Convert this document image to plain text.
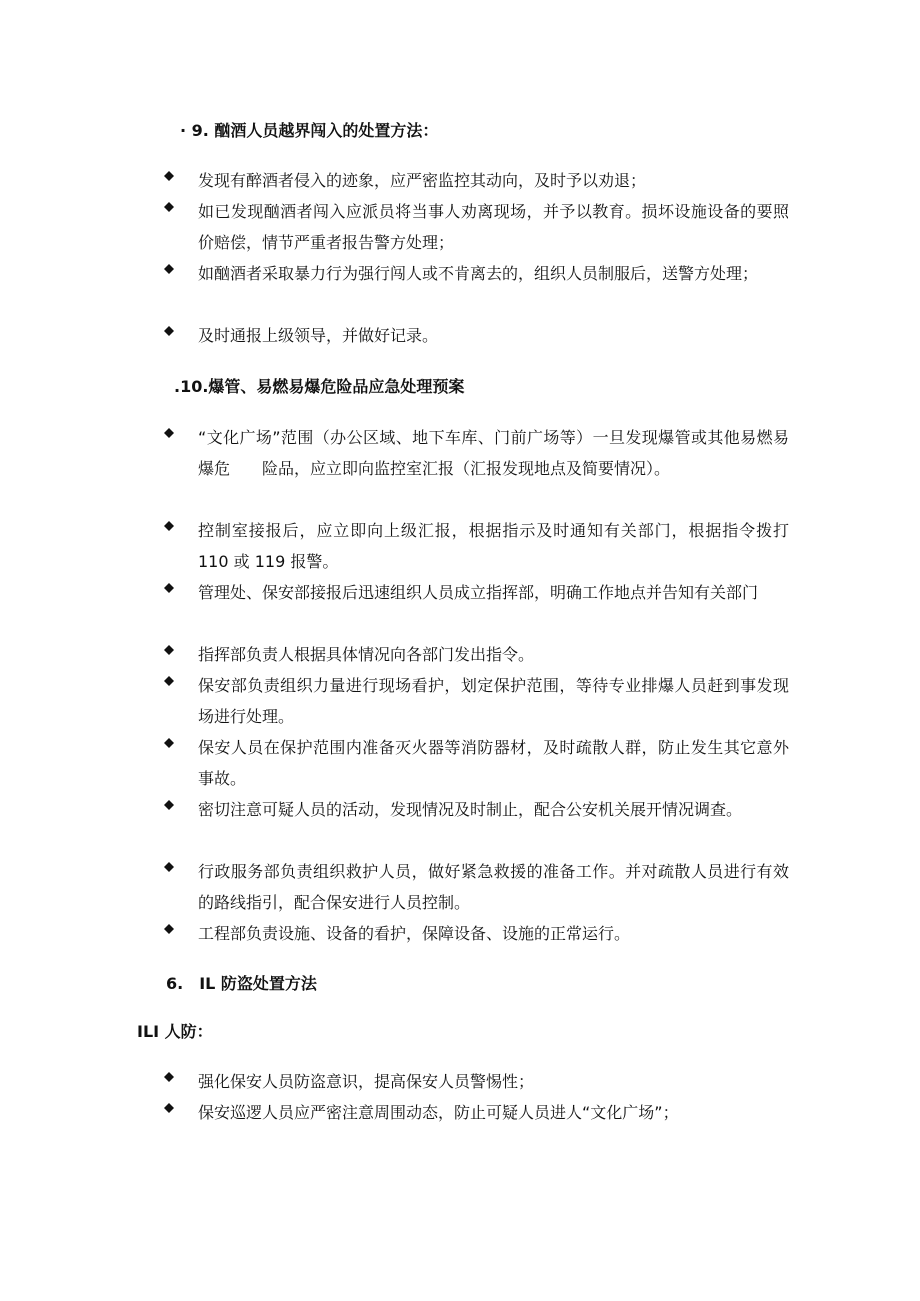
· 9. 酗酒人员越界闯入的处置方法：
发现有醉酒者侵入的迹象，应严密监控其动向，及时予以劝退；
如已发现酗酒者闯入应派员将当事人劝离现场，并予以教育。损坏设施设备的要照价赔偿，情节严重者报告警方处理；
如酗酒者采取暴力行为强行闯人或不肯离去的，组织人员制服后，送警方处理；
及时通报上级领导，并做好记录。
.10.爆管、易燃易爆危险品应急处理预案
“文化广场”范围（办公区域、地下车库、门前广场等）一旦发现爆管或其他易燃易爆危　　险品，应立即向监控室汇报（汇报发现地点及简要情况）。
控制室接报后，应立即向上级汇报，根据指示及时通知有关部门，根据指令拨打 110 或 119 报警。
管理处、保安部接报后迅速组织人员成立指挥部，明确工作地点并告知有关部门
指挥部负责人根据具体情况向各部门发出指令。
保安部负责组织力量进行现场看护，划定保护范围，等待专业排爆人员赶到事发现场进行处理。
保安人员在保护范围内准备灭火器等消防器材，及时疏散人群，防止发生其它意外事故。
密切注意可疑人员的活动，发现情况及时制止，配合公安机关展开情况调查。
行政服务部负责组织救护人员，做好紧急救援的准备工作。并对疏散人员进行有效的路线指引，配合保安进行人员控制。
工程部负责设施、设备的看护，保障设备、设施的正常运行。
6.　IL 防盗处置方法
ILI 人防：
强化保安人员防盗意识，提高保安人员警惕性；
保安巡逻人员应严密注意周围动态，防止可疑人员进人“文化广场”；
